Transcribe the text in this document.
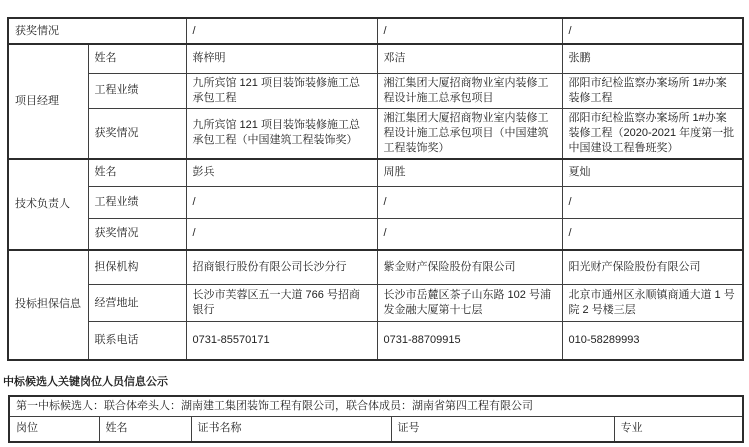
获奖情况		/	/	/
项目经理	姓名	蒋梓明	邓洁	张鹏
	工程业绩	九所宾馆 121 项目装饰装修施工总承包工程	湘江集团大厦招商物业室内装修工程设计施工总承包项目	邵阳市纪检监察办案场所 1#办案装修工程
	获奖情况	九所宾馆 121 项目装饰装修施工总承包工程（中国建筑工程装饰奖）	湘江集团大厦招商物业室内装修工程设计施工总承包项目（中国建筑工程装饰奖）	邵阳市纪检监察办案场所 1#办案装修工程（2020-2021 年度第一批中国建设工程鲁班奖）
技术负责人	姓名	彭兵	周胜	夏灿
	工程业绩	/	/	/
	获奖情况	/	/	/
投标担保信息	担保机构	招商银行股份有限公司长沙分行	紫金财产保险股份有限公司	阳光财产保险股份有限公司
	经营地址	长沙市芙蓉区五一大道 766 号招商银行	长沙市岳麓区茶子山东路 102 号浦发金融大厦第十七层	北京市通州区永顺镇商通大道 1 号院 2 号楼三层
	联系电话	0731-85570171	0731-88709915	010-58289993
中标候选人关键岗位人员信息公示
第一中标候选人：联合体牵头人：湖南建工集团装饰工程有限公司，联合体成员：湖南省第四工程有限公司
岗位	姓名	证书名称	证号	专业
